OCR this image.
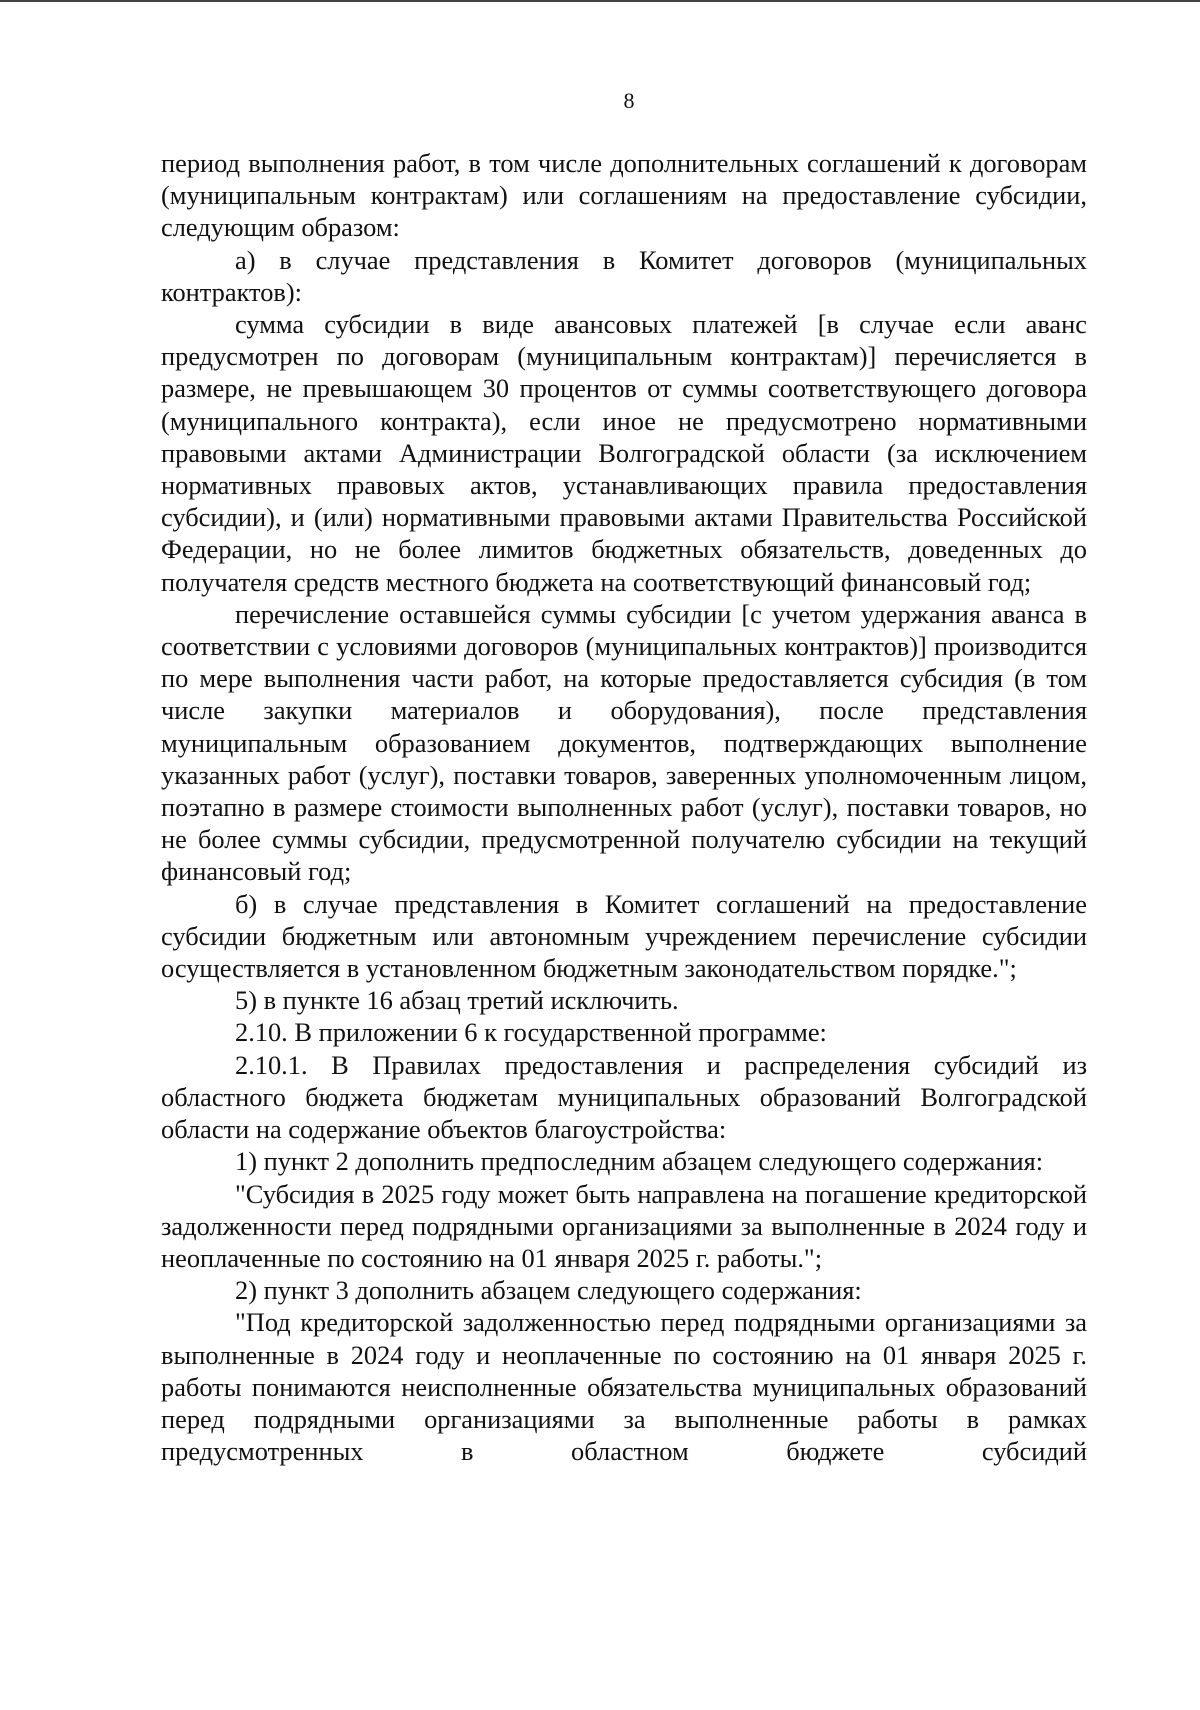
8

период выполнения работ, в том числе дополнительных соглашений к договорам (муниципальным контрактам) или соглашениям на предоставление субсидии, следующим образом:

а) в случае представления в Комитет договоров (муниципальных контрактов):

сумма субсидии в виде авансовых платежей [в случае если аванс предусмотрен по договорам (муниципальным контрактам)] перечисляется в размере, не превышающем 30 процентов от суммы соответствующего договора (муниципального контракта), если иное не предусмотрено нормативными правовыми актами Администрации Волгоградской области (за исключением нормативных правовых актов, устанавливающих правила предоставления субсидии), и (или) нормативными правовыми актами Правительства Российской Федерации, но не более лимитов бюджетных обязательств, доведенных до получателя средств местного бюджета на соответствующий финансовый год;

перечисление оставшейся суммы субсидии [с учетом удержания аванса в соответствии с условиями договоров (муниципальных контрактов)] производится по мере выполнения части работ, на которые предоставляется субсидия (в том числе закупки материалов и оборудования), после представления муниципальным образованием документов, подтверждающих выполнение указанных работ (услуг), поставки товаров, заверенных уполномоченным лицом, поэтапно в размере стоимости выполненных работ (услуг), поставки товаров, но не более суммы субсидии, предусмотренной получателю субсидии на текущий финансовый год;

б) в случае представления в Комитет соглашений на предоставление субсидии бюджетным или автономным учреждением перечисление субсидии осуществляется в установленном бюджетным законодательством порядке.";

5) в пункте 16 абзац третий исключить.

2.10. В приложении 6 к государственной программе:

2.10.1. В Правилах предоставления и распределения субсидий из областного бюджета бюджетам муниципальных образований Волгоградской области на содержание объектов благоустройства:

1) пункт 2 дополнить предпоследним абзацем следующего содержания:

"Субсидия в 2025 году может быть направлена на погашение кредиторской задолженности перед подрядными организациями за выполненные в 2024 году и неоплаченные по состоянию на 01 января 2025 г. работы.";

2) пункт 3 дополнить абзацем следующего содержания:

"Под кредиторской задолженностью перед подрядными организациями за выполненные в 2024 году и неоплаченные по состоянию на 01 января 2025 г. работы понимаются неисполненные обязательства муниципальных образований перед подрядными организациями за выполненные работы в рамках предусмотренных в областном бюджете субсидий
